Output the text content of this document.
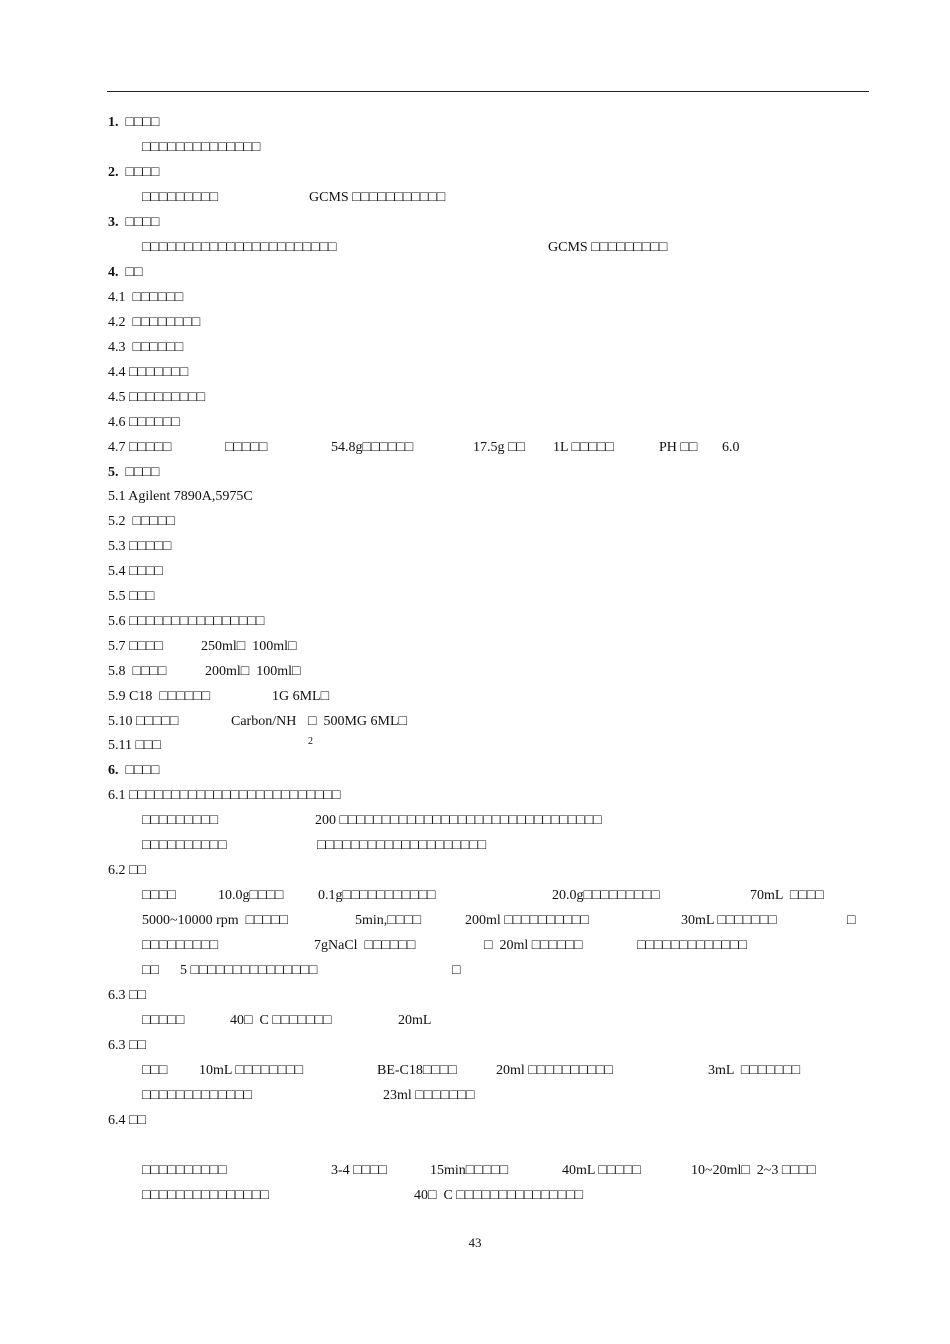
1.  □□□□
□□□□□□□□□□□□□□
2.  □□□□
□□□□□□□□□	GCMS □□□□□□□□□□□
3.  □□□□
□□□□□□□□□□□□□□□□□□□□□□□	GCMS □□□□□□□□□
4.  □□
4.1  □□□□□□
4.2  □□□□□□□□
4.3  □□□□□□
4.4 □□□□□□□
4.5 □□□□□□□□□
4.6 □□□□□□
4.7 □□□□□	□□□□□	54.8g□□□□□□	17.5g □□ 1L □□□□□	PH □□ 6.0
5.  □□□□
5.1 Agilent 7890A,5975C
5.2  □□□□□
5.3 □□□□□
5.4 □□□□
5.5 □□□
5.6 □□□□□□□□□□□□□□□□
5.7 □□□□	250ml□  100ml□
5.8  □□□□	200ml□  100ml□
5.9 C18  □□□□□□	1G 6ML□
5.10 □□□□□	Carbon/NH □  500MG 6ML□
5.11 □□□
6.  □□□□
6.1 □□□□□□□□□□□□□□□□□□□□□□□□□
□□□□□□□□□	200 □□□□□□□□□□□□□□□□□□□□□□□□□□□□□□□
□□□□□□□□□□	□□□□□□□□□□□□□□□□□□□□
6.2 □□
□□□□	10.0g□□□□ 0.1g□□□□□□□□□□□	20.0g□□□□□□□□□	70mL  □□□□
5000~10000 rpm  □□□□□	5min,□□□□	200ml □□□□□□□□□□	30mL □□□□□□□	□
□□□□□□□□□	7gNaCl  □□□□□□	□  20ml □□□□□□	□□□□□□□□□□□□□
□□ 5 □□□□□□□□□□□□□□□	□
6.3 □□
□□□□□	40□  C □□□□□□□	20mL
6.3 □□
□□□ 10mL □□□□□□□□	BE-C18□□□□	20ml □□□□□□□□□□	3mL  □□□□□□□
□□□□□□□□□□□□□	23ml □□□□□□□
6.4 □□
□□□□□□□□□□	3-4 □□□□	15min□□□□□	40mL □□□□□	10~20ml□  2~3 □□□□
□□□□□□□□□□□□□□□	40□  C □□□□□□□□□□□□□□□
2
43
